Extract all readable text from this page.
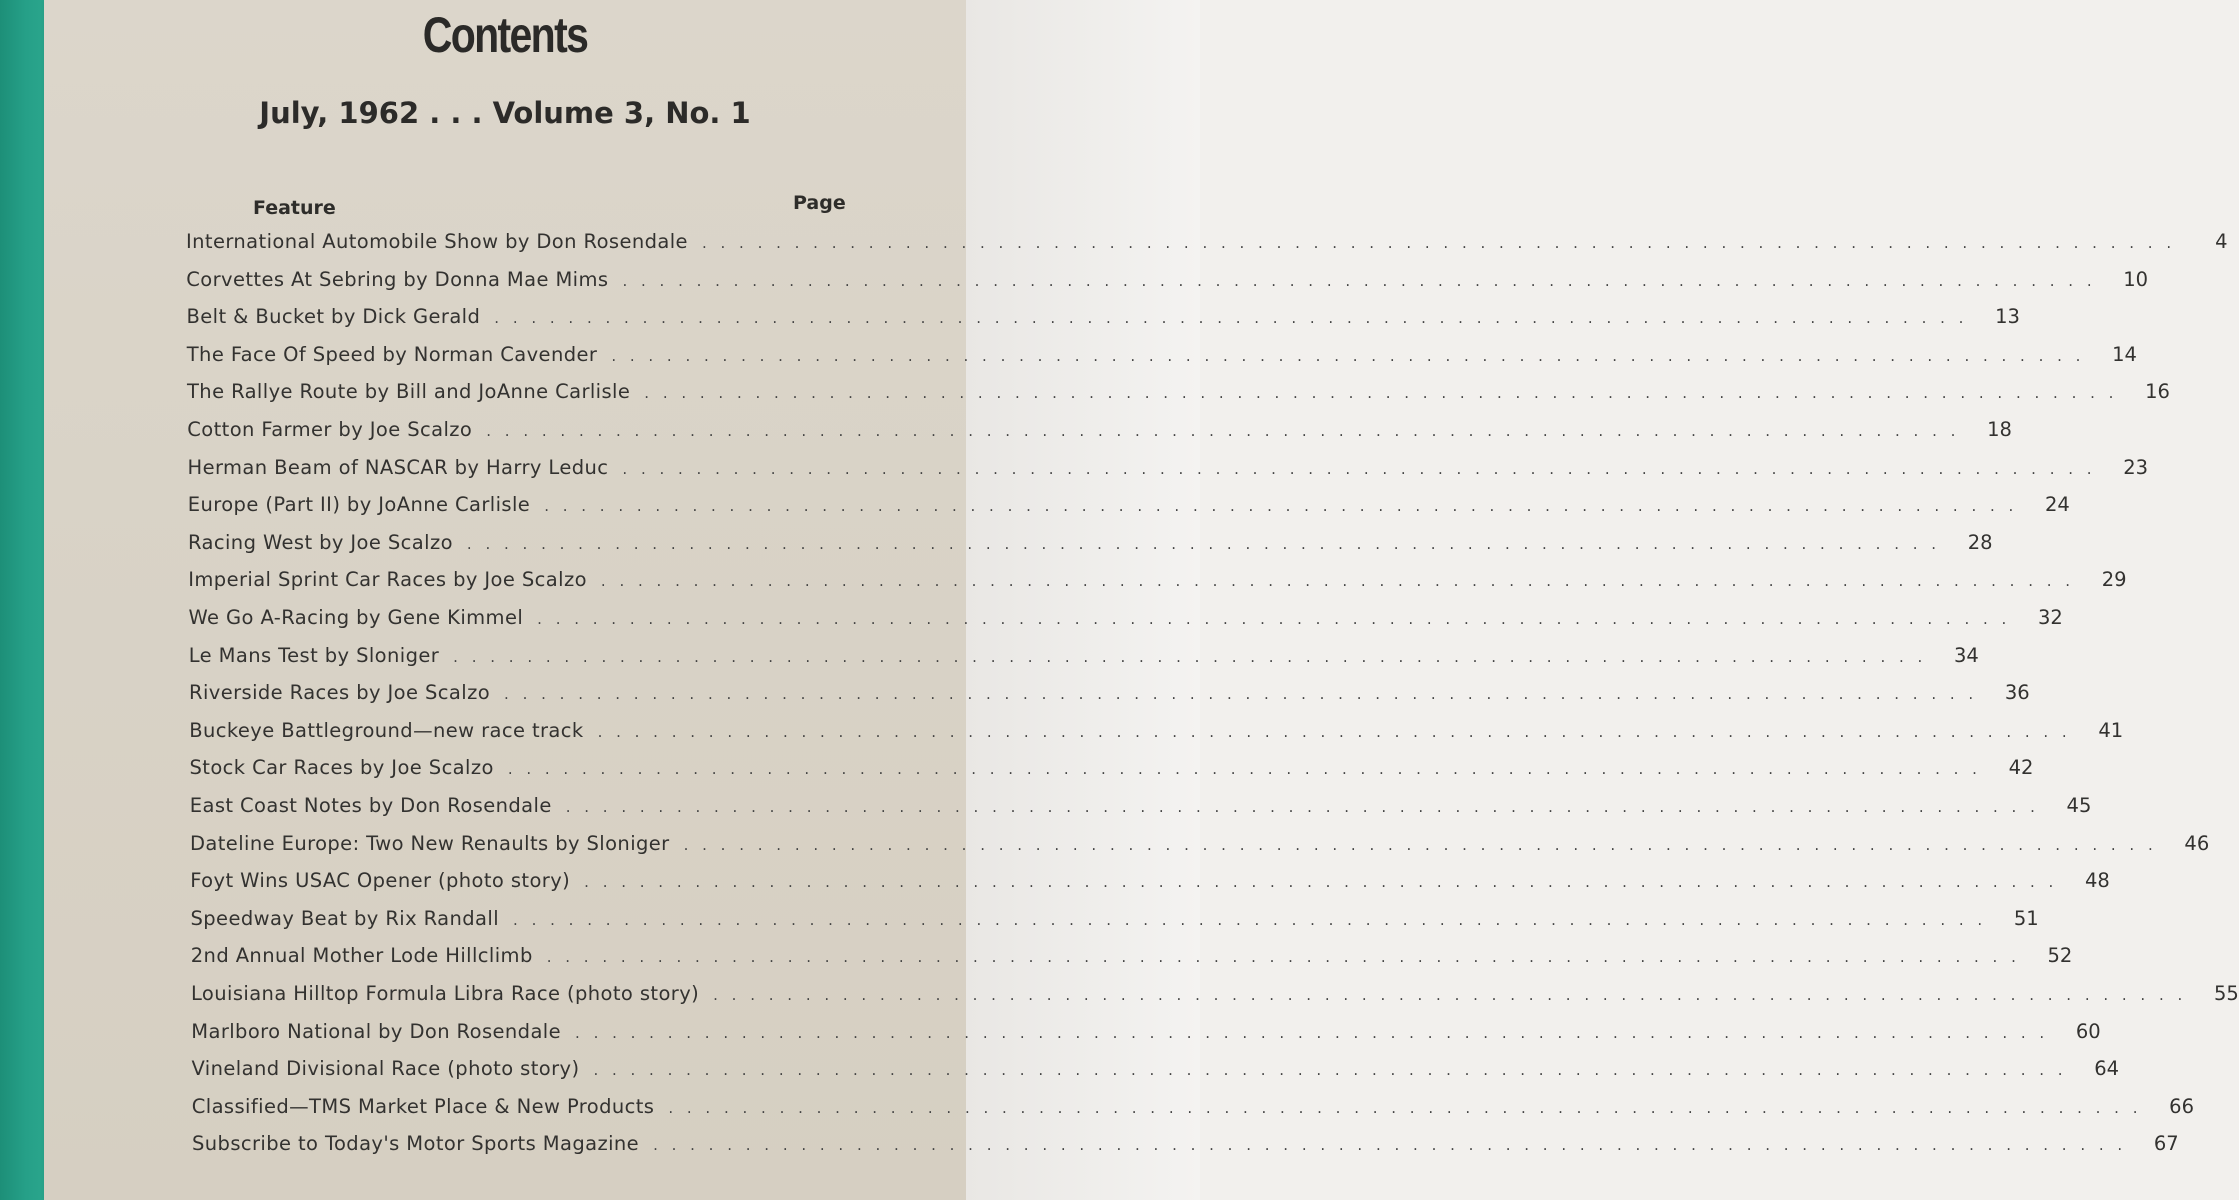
Contents
July, 1962 . . . Volume 3, No. 1
Feature	Page
International Automobile Show by Don Rosendale . . . . . . . . . . . . . . . . . . . . . . . . . . . . . . . . . . . . . . . . . . . . . . . . . . . . . . . . . . . . . . . . . . . . . . . . . . . . . . . .	4
Corvettes At Sebring by Donna Mae Mims . . . . . . . . . . . . . . . . . . . . . . . . . . . . . . . . . . . . . . . . . . . . . . . . . . . . . . . . . . . . . . . . . . . . . . . . . . . . . . . .	10
Belt & Bucket by Dick Gerald . . . . . . . . . . . . . . . . . . . . . . . . . . . . . . . . . . . . . . . . . . . . . . . . . . . . . . . . . . . . . . . . . . . . . . . . . . . . . . . .	13
The Face Of Speed by Norman Cavender . . . . . . . . . . . . . . . . . . . . . . . . . . . . . . . . . . . . . . . . . . . . . . . . . . . . . . . . . . . . . . . . . . . . . . . . . . . . . . . .	14
The Rallye Route by Bill and JoAnne Carlisle . . . . . . . . . . . . . . . . . . . . . . . . . . . . . . . . . . . . . . . . . . . . . . . . . . . . . . . . . . . . . . . . . . . . . . . . . . . . . . . .	16
Cotton Farmer by Joe Scalzo . . . . . . . . . . . . . . . . . . . . . . . . . . . . . . . . . . . . . . . . . . . . . . . . . . . . . . . . . . . . . . . . . . . . . . . . . . . . . . . .	18
Herman Beam of NASCAR by Harry Leduc . . . . . . . . . . . . . . . . . . . . . . . . . . . . . . . . . . . . . . . . . . . . . . . . . . . . . . . . . . . . . . . . . . . . . . . . . . . . . . . .	23
Europe (Part II) by JoAnne Carlisle . . . . . . . . . . . . . . . . . . . . . . . . . . . . . . . . . . . . . . . . . . . . . . . . . . . . . . . . . . . . . . . . . . . . . . . . . . . . . . . .	24
Racing West by Joe Scalzo . . . . . . . . . . . . . . . . . . . . . . . . . . . . . . . . . . . . . . . . . . . . . . . . . . . . . . . . . . . . . . . . . . . . . . . . . . . . . . . .	28
Imperial Sprint Car Races by Joe Scalzo . . . . . . . . . . . . . . . . . . . . . . . . . . . . . . . . . . . . . . . . . . . . . . . . . . . . . . . . . . . . . . . . . . . . . . . . . . . . . . . .	29
We Go A-Racing by Gene Kimmel . . . . . . . . . . . . . . . . . . . . . . . . . . . . . . . . . . . . . . . . . . . . . . . . . . . . . . . . . . . . . . . . . . . . . . . . . . . . . . . .	32
Le Mans Test by Sloniger . . . . . . . . . . . . . . . . . . . . . . . . . . . . . . . . . . . . . . . . . . . . . . . . . . . . . . . . . . . . . . . . . . . . . . . . . . . . . . . .	34
Riverside Races by Joe Scalzo . . . . . . . . . . . . . . . . . . . . . . . . . . . . . . . . . . . . . . . . . . . . . . . . . . . . . . . . . . . . . . . . . . . . . . . . . . . . . . . .	36
Buckeye Battleground—new race track . . . . . . . . . . . . . . . . . . . . . . . . . . . . . . . . . . . . . . . . . . . . . . . . . . . . . . . . . . . . . . . . . . . . . . . . . . . . . . . .	41
Stock Car Races by Joe Scalzo . . . . . . . . . . . . . . . . . . . . . . . . . . . . . . . . . . . . . . . . . . . . . . . . . . . . . . . . . . . . . . . . . . . . . . . . . . . . . . . .	42
East Coast Notes by Don Rosendale . . . . . . . . . . . . . . . . . . . . . . . . . . . . . . . . . . . . . . . . . . . . . . . . . . . . . . . . . . . . . . . . . . . . . . . . . . . . . . . .	45
Dateline Europe: Two New Renaults by Sloniger . . . . . . . . . . . . . . . . . . . . . . . . . . . . . . . . . . . . . . . . . . . . . . . . . . . . . . . . . . . . . . . . . . . . . . . . . . . . . . . .	46
Foyt Wins USAC Opener (photo story) . . . . . . . . . . . . . . . . . . . . . . . . . . . . . . . . . . . . . . . . . . . . . . . . . . . . . . . . . . . . . . . . . . . . . . . . . . . . . . . .	48
Speedway Beat by Rix Randall . . . . . . . . . . . . . . . . . . . . . . . . . . . . . . . . . . . . . . . . . . . . . . . . . . . . . . . . . . . . . . . . . . . . . . . . . . . . . . . .	51
2nd Annual Mother Lode Hillclimb . . . . . . . . . . . . . . . . . . . . . . . . . . . . . . . . . . . . . . . . . . . . . . . . . . . . . . . . . . . . . . . . . . . . . . . . . . . . . . . .	52
Louisiana Hilltop Formula Libra Race (photo story) . . . . . . . . . . . . . . . . . . . . . . . . . . . . . . . . . . . . . . . . . . . . . . . . . . . . . . . . . . . . . . . . . . . . . . . . . . . . . . . .	55
Marlboro National by Don Rosendale . . . . . . . . . . . . . . . . . . . . . . . . . . . . . . . . . . . . . . . . . . . . . . . . . . . . . . . . . . . . . . . . . . . . . . . . . . . . . . . .	60
Vineland Divisional Race (photo story) . . . . . . . . . . . . . . . . . . . . . . . . . . . . . . . . . . . . . . . . . . . . . . . . . . . . . . . . . . . . . . . . . . . . . . . . . . . . . . . .	64
Classified—TMS Market Place & New Products . . . . . . . . . . . . . . . . . . . . . . . . . . . . . . . . . . . . . . . . . . . . . . . . . . . . . . . . . . . . . . . . . . . . . . . . . . . . . . . .	66
Subscribe to Today's Motor Sports Magazine . . . . . . . . . . . . . . . . . . . . . . . . . . . . . . . . . . . . . . . . . . . . . . . . . . . . . . . . . . . . . . . . . . . . . . . . . . . . . . . .	67
